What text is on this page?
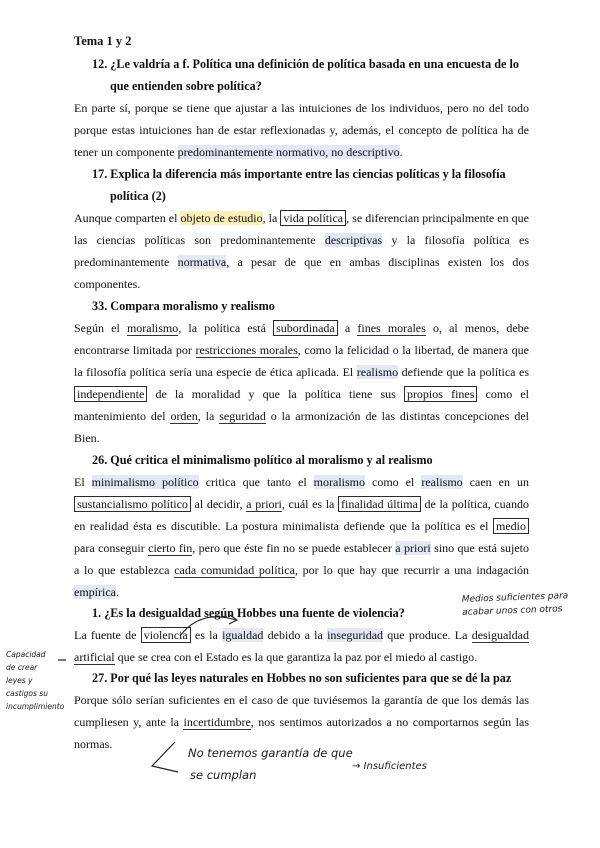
Tema 1 y 2
12. ¿Le valdría a f. Política una definición de política basada en una encuesta de lo
que entienden sobre política?
En parte sí, porque se tiene que ajustar a las intuiciones de los individuos, pero no del todo porque estas intuiciones han de estar reflexionadas y, además, el concepto de política ha de tener un componente predominantemente normativo, no descriptivo.
17. Explica la diferencia más importante entre las ciencias políticas y la filosofía
política (2)
Aunque comparten el objeto de estudio, la vida política , se diferencian principalmente en que las ciencias políticas son predominantemente descriptivas y la filosofía política es predominantemente normativa, a pesar de que en ambas disciplinas existen los dos componentes.
33. Compara moralismo y realismo
Según el moralismo, la política está subordinada a fines morales o, al menos, debe encontrarse limitada por restricciones morales, como la felicidad o la libertad, de manera que la filosofía política sería una especie de ética aplicada. El realismo defiende que la política es independiente de la moralidad y que la política tiene sus propios fines como el mantenimiento del orden, la seguridad o la armonización de las distintas concepciones del Bien.
26. Qué critica el minimalismo político al moralismo y al realismo
El minimalismo político critica que tanto el moralismo como el realismo caen en un sustancialismo político al decidir, a priori, cuál es la finalidad última de la política, cuando en realidad ésta es discutible. La postura minimalista defiende que la política es el medio para conseguir cierto fin, pero que éste fin no se puede establecer a priori sino que está sujeto a lo que establezca cada comunidad política, por lo que hay que recurrir a una indagación empírica.
1. ¿Es la desigualdad según Hobbes una fuente de violencia?
La fuente de violencia es la igualdad debido a la inseguridad que produce. La desigualdad artificial que se crea con el Estado es la que garantiza la paz por el miedo al castigo.
27. Por qué las leyes naturales en Hobbes no son suficientes para que se dé la paz
Porque sólo serían suficientes en el caso de que tuviésemos la garantía de que los demás las cumpliesen y, ante la incertidumbre, nos sentimos autorizados a no comportarnos según las normas.
Medios suficientes para
acabar unos con otros
Capacidad
de crear
leyes y
castigos su
incumplimiento
No tenemos garantía de que
se cumplan
→ Insuficientes
